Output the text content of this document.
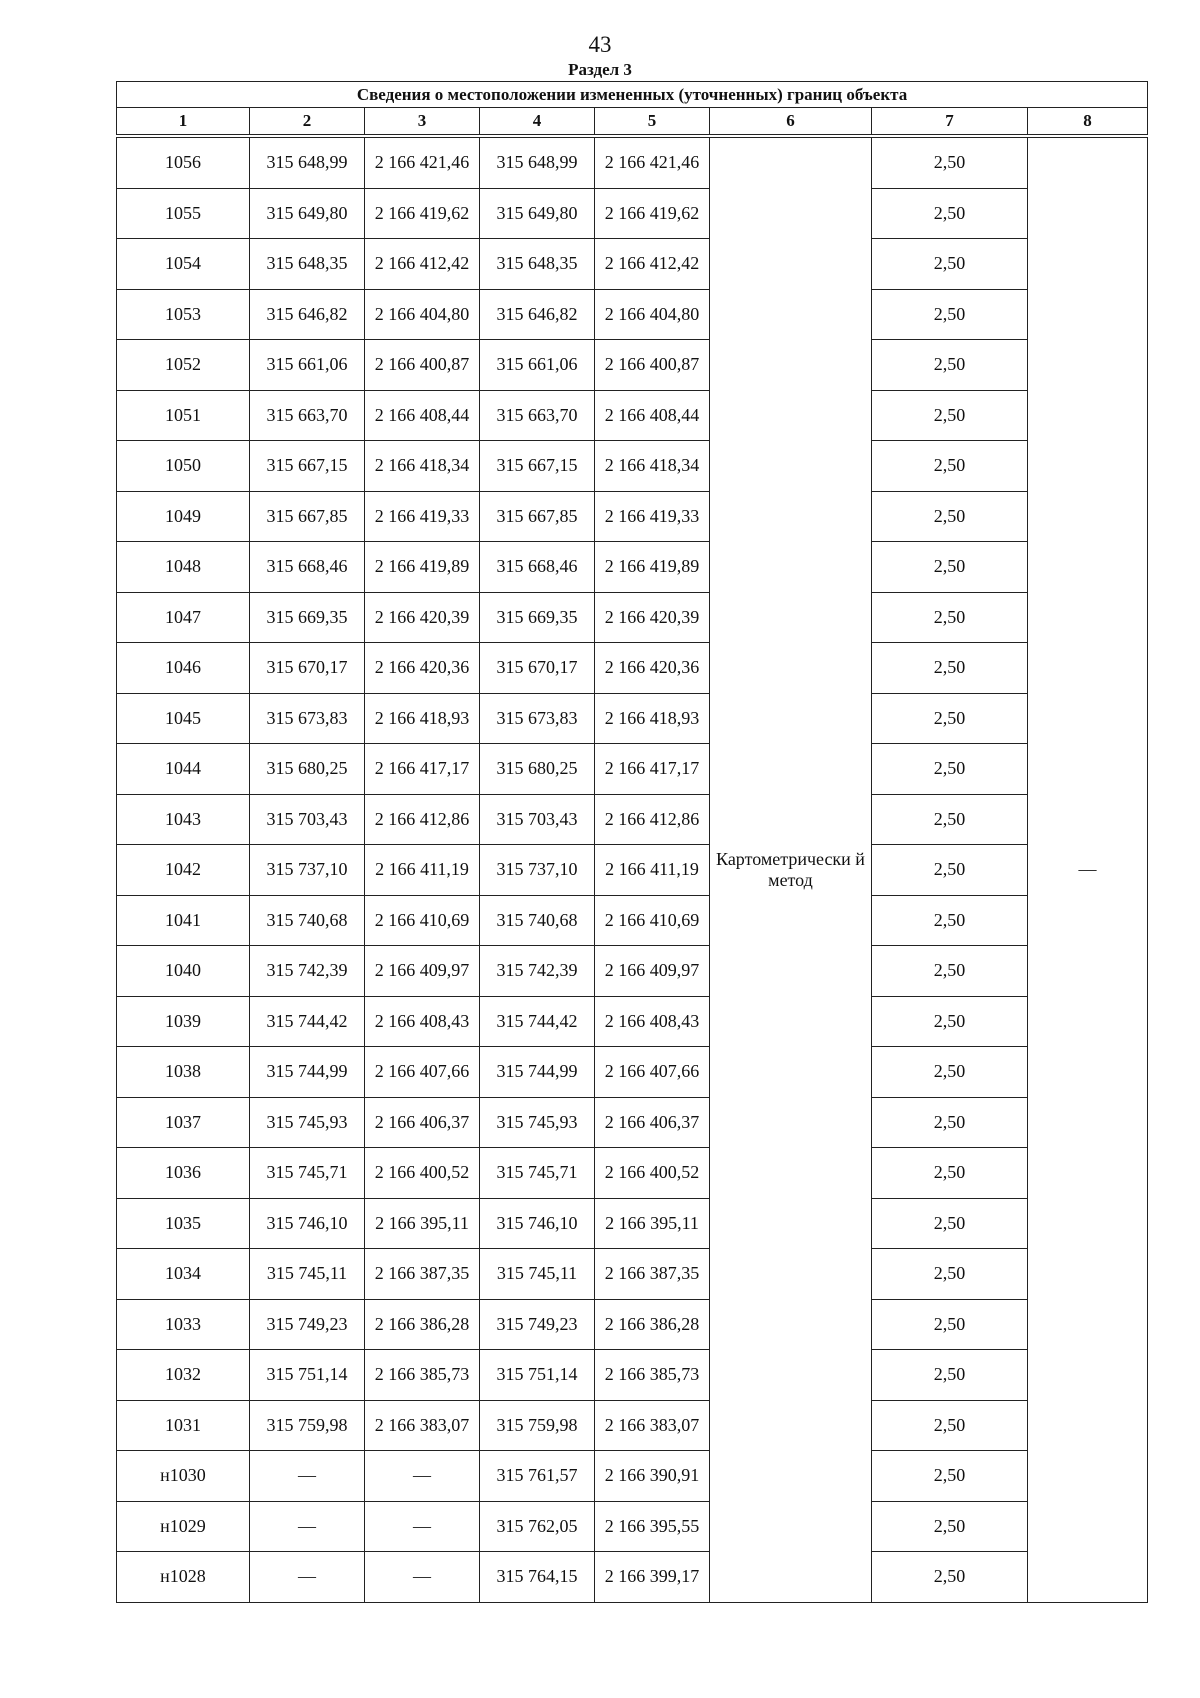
43
Раздел 3
Сведения о местоположении измененных (уточненных) границ объекта							
1	2	3	4	5	6	7	8

1056	315 648,99	2 166 421,46	315 648,99	2 166 421,46	Картометрически й метод	2,50	—
1055	315 649,80	2 166 419,62	315 649,80	2 166 419,62		2,50	
1054	315 648,35	2 166 412,42	315 648,35	2 166 412,42		2,50	
1053	315 646,82	2 166 404,80	315 646,82	2 166 404,80		2,50	
1052	315 661,06	2 166 400,87	315 661,06	2 166 400,87		2,50	
1051	315 663,70	2 166 408,44	315 663,70	2 166 408,44		2,50	
1050	315 667,15	2 166 418,34	315 667,15	2 166 418,34		2,50	
1049	315 667,85	2 166 419,33	315 667,85	2 166 419,33		2,50	
1048	315 668,46	2 166 419,89	315 668,46	2 166 419,89		2,50	
1047	315 669,35	2 166 420,39	315 669,35	2 166 420,39		2,50	
1046	315 670,17	2 166 420,36	315 670,17	2 166 420,36		2,50	
1045	315 673,83	2 166 418,93	315 673,83	2 166 418,93		2,50	
1044	315 680,25	2 166 417,17	315 680,25	2 166 417,17		2,50	
1043	315 703,43	2 166 412,86	315 703,43	2 166 412,86		2,50	
1042	315 737,10	2 166 411,19	315 737,10	2 166 411,19		2,50	
1041	315 740,68	2 166 410,69	315 740,68	2 166 410,69		2,50	
1040	315 742,39	2 166 409,97	315 742,39	2 166 409,97		2,50	
1039	315 744,42	2 166 408,43	315 744,42	2 166 408,43		2,50	
1038	315 744,99	2 166 407,66	315 744,99	2 166 407,66		2,50	
1037	315 745,93	2 166 406,37	315 745,93	2 166 406,37		2,50	
1036	315 745,71	2 166 400,52	315 745,71	2 166 400,52		2,50	
1035	315 746,10	2 166 395,11	315 746,10	2 166 395,11		2,50	
1034	315 745,11	2 166 387,35	315 745,11	2 166 387,35		2,50	
1033	315 749,23	2 166 386,28	315 749,23	2 166 386,28		2,50	
1032	315 751,14	2 166 385,73	315 751,14	2 166 385,73		2,50	
1031	315 759,98	2 166 383,07	315 759,98	2 166 383,07		2,50	
н1030	—	—	315 761,57	2 166 390,91		2,50	
н1029	—	—	315 762,05	2 166 395,55		2,50	
н1028	—	—	315 764,15	2 166 399,17		2,50	
